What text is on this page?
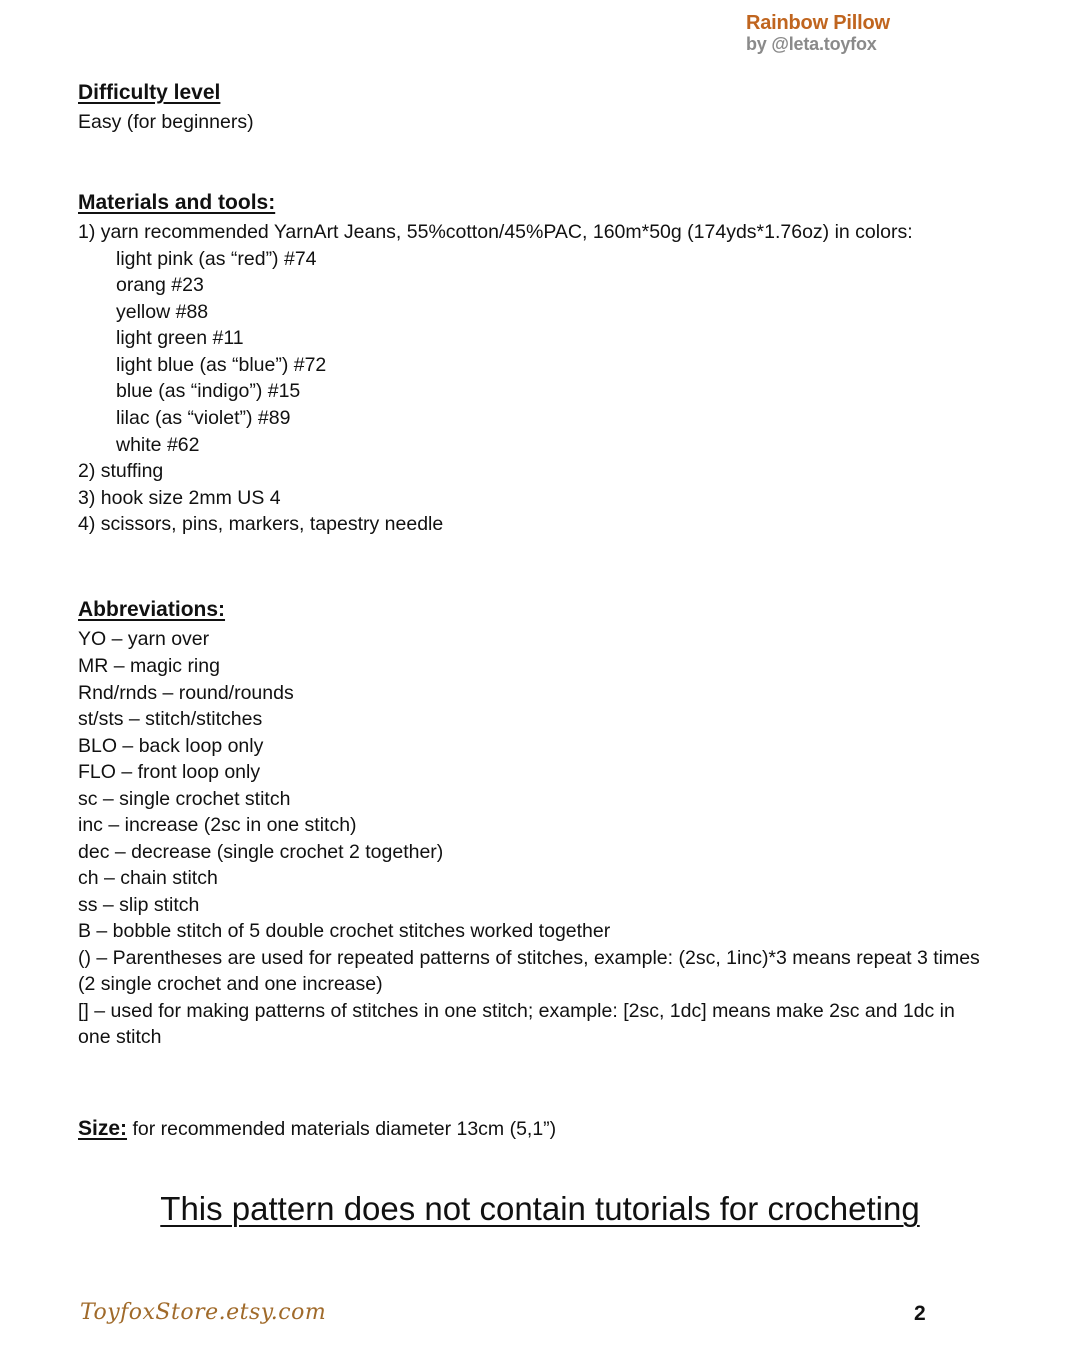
Rainbow Pillow
by @leta.toyfox
Difficulty level
Easy (for beginners)
Materials and tools:
1) yarn recommended YarnArt Jeans, 55%cotton/45%PAC, 160m*50g (174yds*1.76oz) in colors:
light pink (as “red”) #74
orang #23
yellow #88
light green #11
light blue (as “blue”) #72
blue (as “indigo”) #15
lilac (as “violet”) #89
white #62
2) stuffing
3) hook size 2mm US 4
4) scissors, pins, markers, tapestry needle
Abbreviations:
YO – yarn over
MR – magic ring
Rnd/rnds – round/rounds
st/sts – stitch/stitches
BLO – back loop only
FLO – front loop only
sc – single crochet stitch
inc – increase (2sc in one stitch)
dec – decrease (single crochet 2 together)
ch – chain stitch
ss – slip stitch
B – bobble stitch of 5 double crochet stitches worked together
() – Parentheses are used for repeated patterns of stitches, example: (2sc, 1inc)*3 means repeat 3 times
(2 single crochet and one increase)
[] – used for making patterns of stitches in one stitch; example: [2sc, 1dc] means make 2sc and 1dc in
one stitch
Size: for recommended materials diameter 13cm (5,1”)
This pattern does not contain tutorials for crocheting
ToyfoxStore.etsy.com	2
